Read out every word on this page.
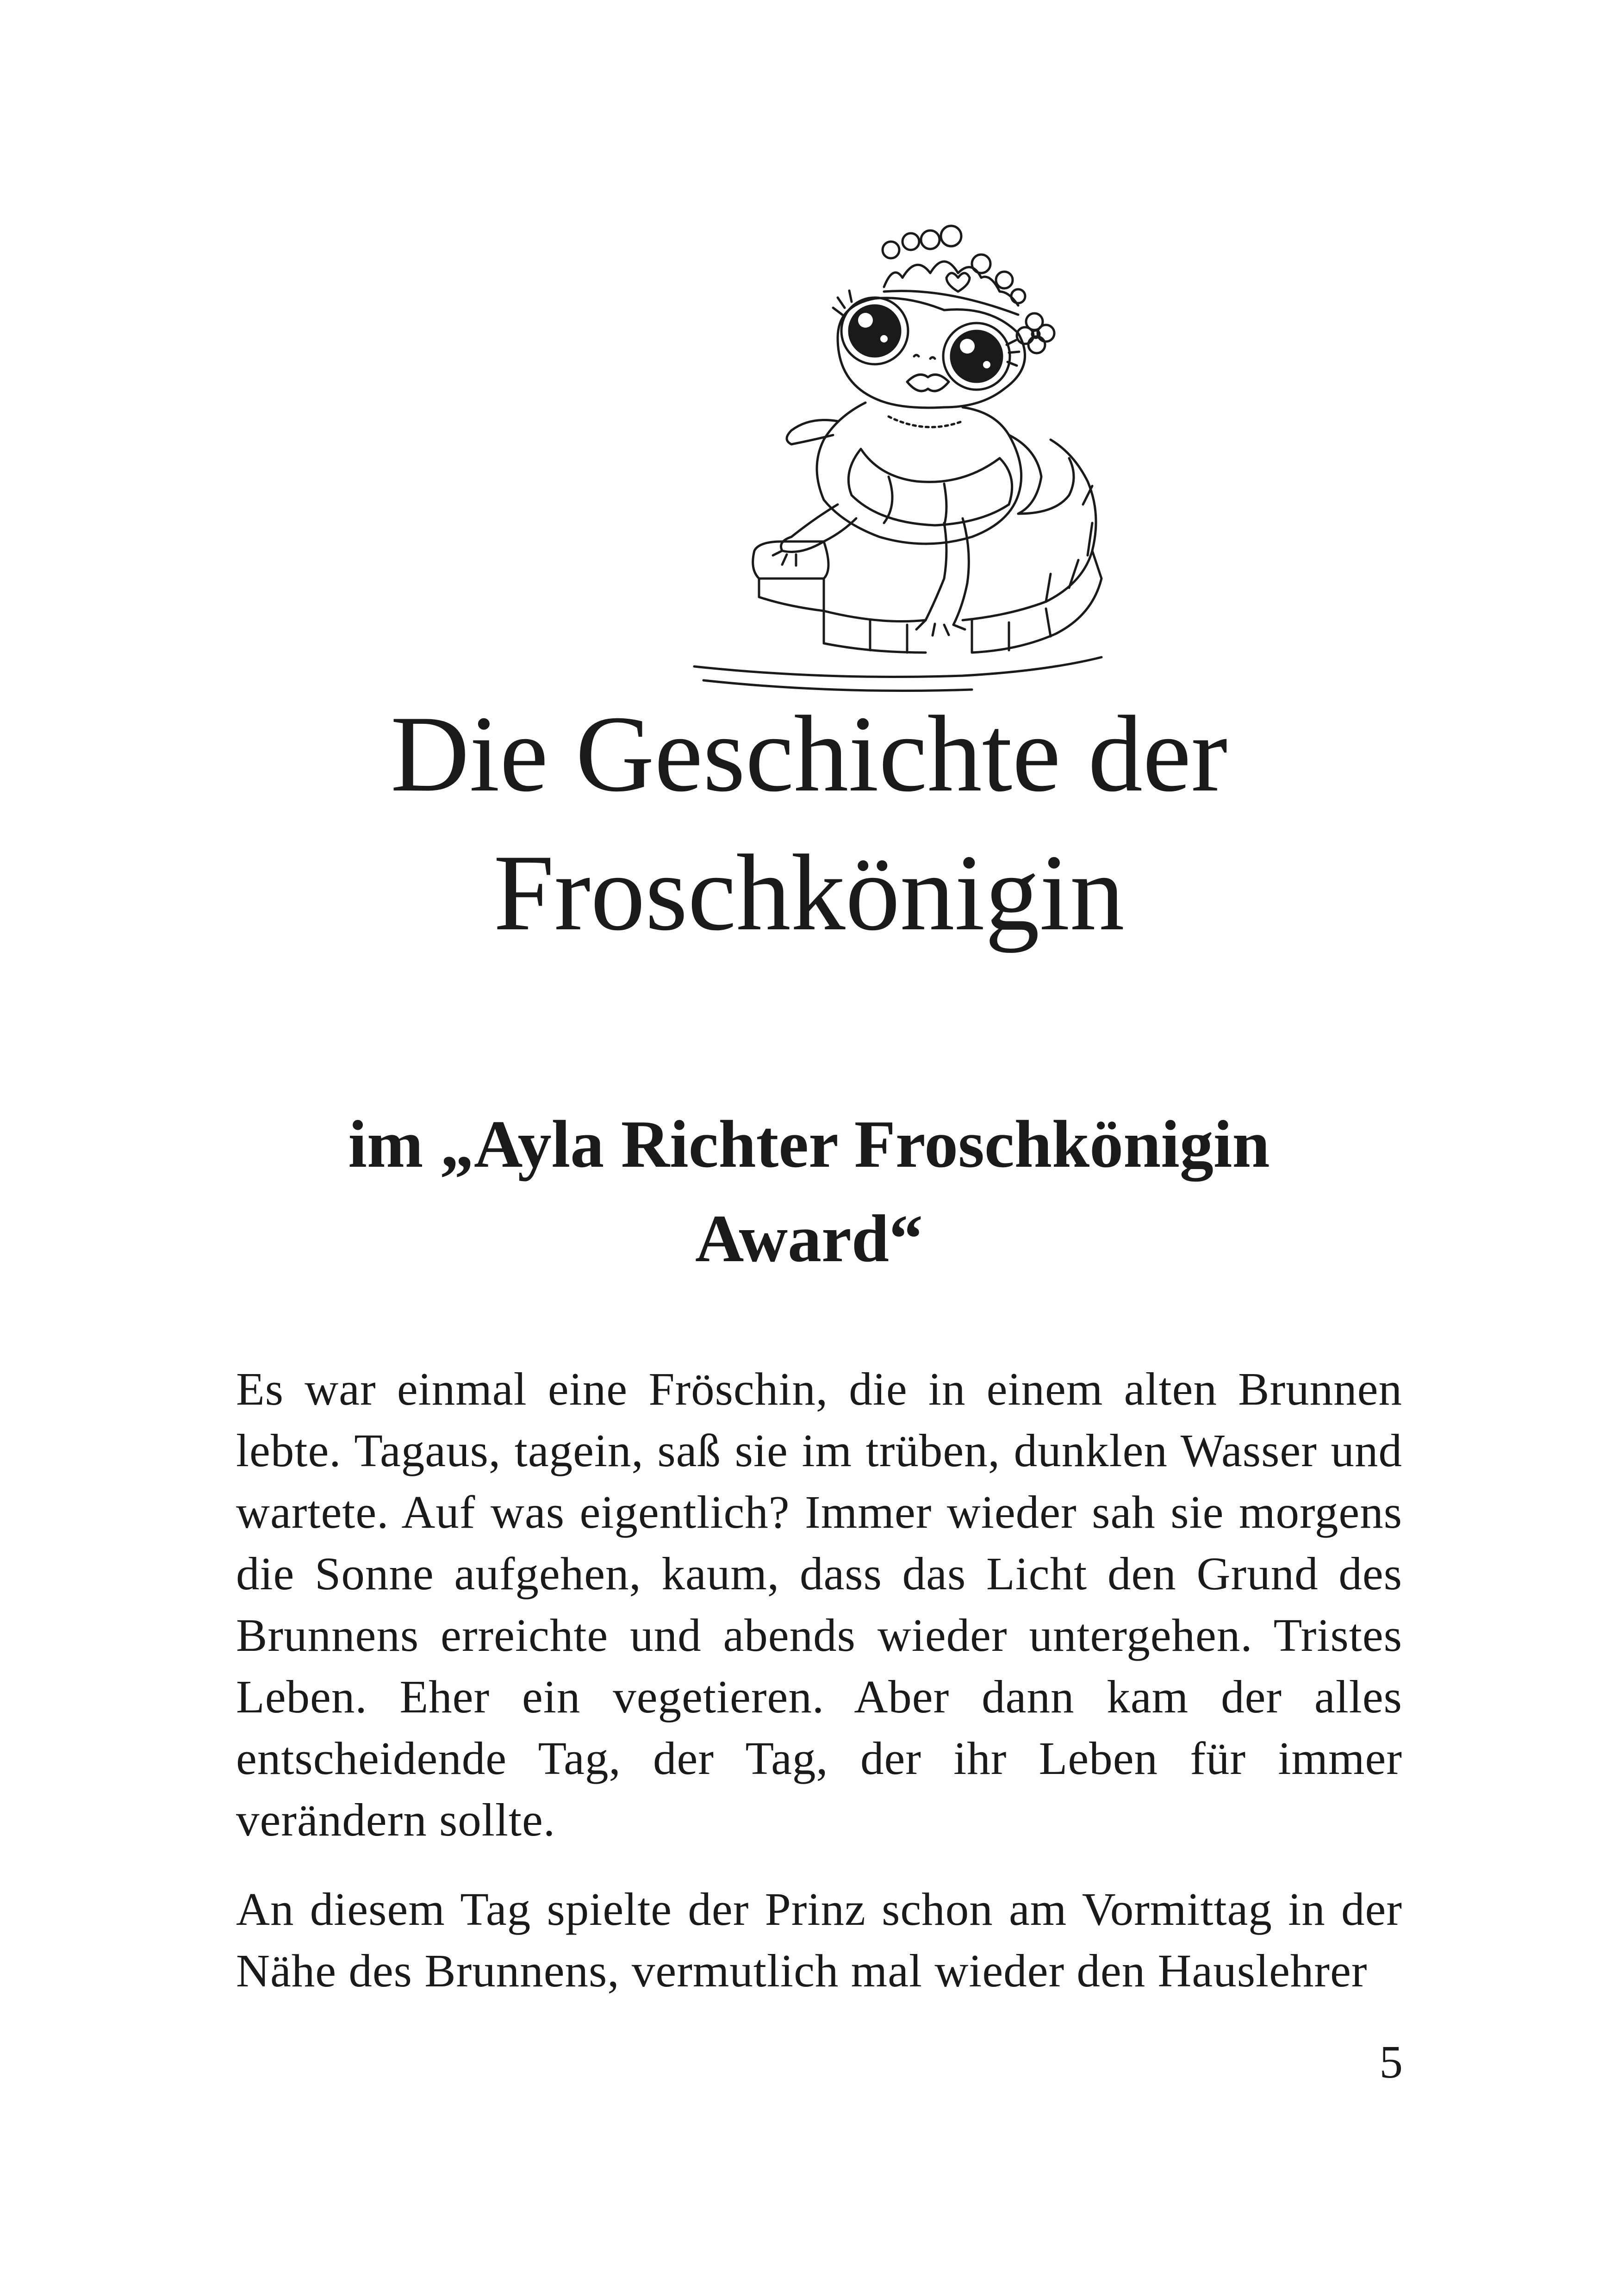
Die Geschichte der
Froschkönigin
im „Ayla Richter Froschkönigin
Award“

Es war einmal eine Fröschin, die in einem alten Brunnen lebte. Tagaus, tagein, saß sie im trüben, dunklen Wasser und wartete. Auf was eigentlich? Immer wieder sah sie morgens die Sonne aufgehen, kaum, dass das Licht den Grund des Brunnens erreichte und abends wieder untergehen. Tristes Leben. Eher ein vegetieren. Aber dann kam der alles entscheidende Tag, der Tag, der ihr Leben für immer verändern sollte.

An diesem Tag spielte der Prinz schon am Vormittag in der Nähe des Brunnens, vermutlich mal wieder den Hauslehrer

5
